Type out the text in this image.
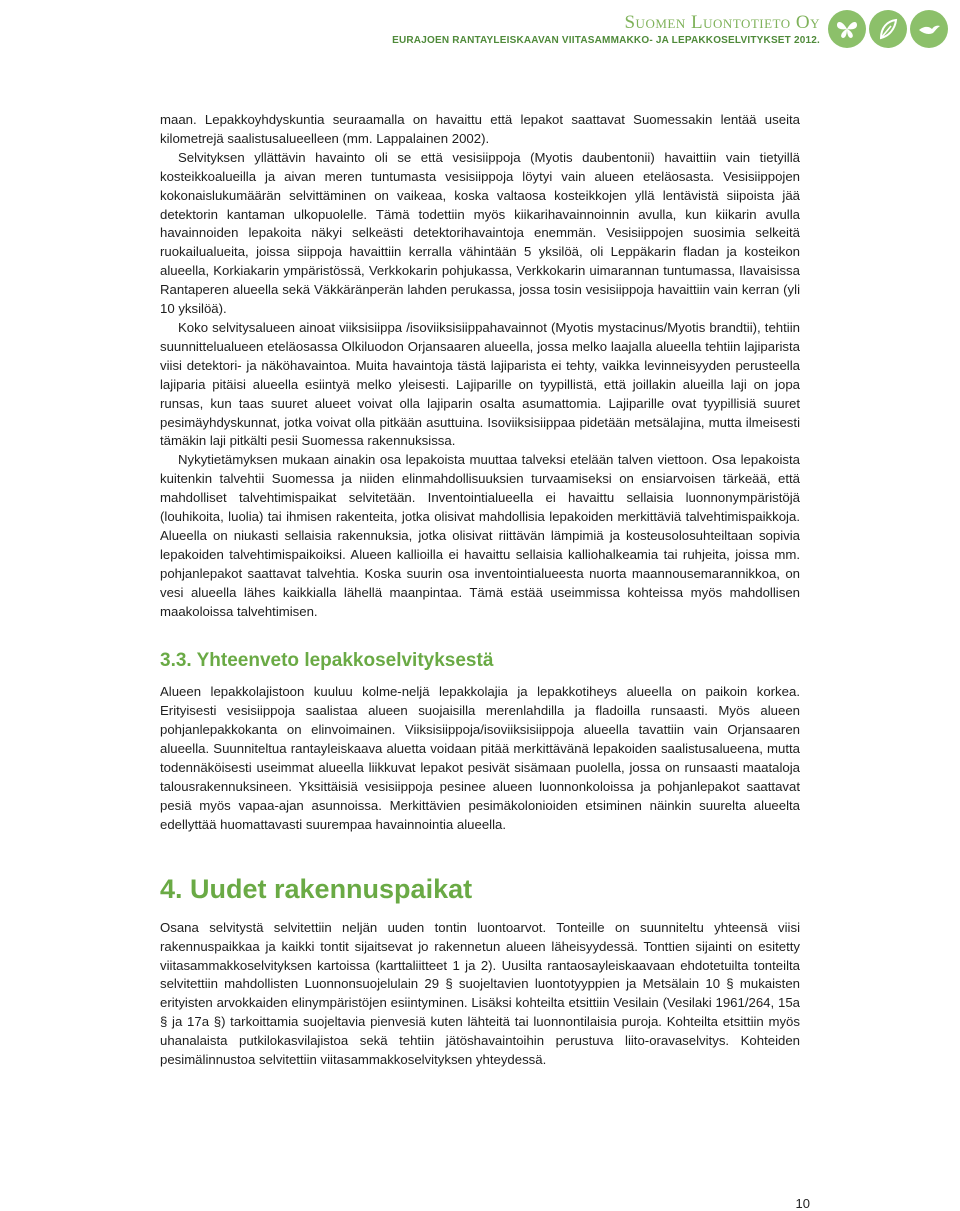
Suomen Luontotieto Oy
EURAJOEN RANTAYLEISKAAVAN VIITASAMMAKKO- JA LEPAKKOSELVITYKSET 2012.

maan. Lepakkoyhdyskuntia seuraamalla on havaittu että lepakot saattavat Suomessakin lentää useita kilometrejä saalistusalueelleen (mm. Lappalainen 2002).

Selvityksen yllättävin havainto oli se että vesisiippoja (Myotis daubentonii) havaittiin vain tietyillä kosteikkoalueilla ja aivan meren tuntumasta vesisiippoja löytyi vain alueen eteläosasta. Vesisiippojen kokonaislukumäärän selvittäminen on vaikeaa, koska valtaosa kosteikkojen yllä lentävistä siipoista jää detektorin kantaman ulkopuolelle. Tämä todettiin myös kiikarihavainnoinnin avulla, kun kiikarin avulla havainnoiden lepakoita näkyi selkeästi detektorihavaintoja enemmän. Vesisiippojen suosimia selkeitä ruokailualueita, joissa siippoja havaittiin kerralla vähintään 5 yksilöä, oli Leppäkarin fladan ja kosteikon alueella, Korkiakarin ympäristössä, Verkkokarin pohjukassa, Verkkokarin uimarannan tuntumassa, Ilavaisissa Rantaperen alueella sekä Väkkäränperän lahden perukassa, jossa tosin vesisiippoja havaittiin vain kerran (yli 10 yksilöä).

Koko selvitysalueen ainoat viiksisiippa /isoviiksisiippahavainnot (Myotis mystacinus/Myotis brandtii), tehtiin suunnittelualueen eteläosassa Olkiluodon Orjansaaren alueella, jossa melko laajalla alueella tehtiin lajiparista viisi detektori- ja näköhavaintoa. Muita havaintoja tästä lajiparista ei tehty, vaikka levinneisyyden perusteella lajiparia pitäisi alueella esiintyä melko yleisesti. Lajiparille on tyypillistä, että joillakin alueilla laji on jopa runsas, kun taas suuret alueet voivat olla lajiparin osalta asumattomia. Lajiparille ovat tyypillisiä suuret pesimäyhdyskunnat, jotka voivat olla pitkään asuttuina. Isoviiksisiippaa pidetään metsälajina, mutta ilmeisesti tämäkin laji pitkälti pesii Suomessa rakennuksissa.

Nykytietämyksen mukaan ainakin osa lepakoista muuttaa talveksi etelään talven viettoon. Osa lepakoista kuitenkin talvehtii Suomessa ja niiden elinmahdollisuuksien turvaamiseksi on ensiarvoisen tärkeää, että mahdolliset talvehtimispaikat selvitetään. Inventointialueella ei havaittu sellaisia luonnonympäristöjä (louhikoita, luolia) tai ihmisen rakenteita, jotka olisivat mahdollisia lepakoiden merkittäviä talvehtimispaikkoja. Alueella on niukasti sellaisia rakennuksia, jotka olisivat riittävän lämpimiä ja kosteusolosuhteiltaan sopivia lepakoiden talvehtimispaikoiksi. Alueen kallioilla ei havaittu sellaisia kalliohalkeamia tai ruhjeita, joissa mm. pohjanlepakot saattavat talvehtia. Koska suurin osa inventointialueesta nuorta maannousemarannikkoa, on vesi alueella lähes kaikkialla lähellä maanpintaa. Tämä estää useimmissa kohteissa myös mahdollisen maakoloissa talvehtimisen.

3.3. Yhteenveto lepakkoselvityksestä

Alueen lepakkolajistoon kuuluu kolme-neljä lepakkolajia ja lepakkotiheys alueella on paikoin korkea. Erityisesti vesisiippoja saalistaa alueen suojaisilla merenlahdilla ja fladoilla runsaasti. Myös alueen pohjanlepakkokanta on elinvoimainen. Viiksisiippoja/isoviiksisiippoja alueella tavattiin vain Orjansaaren alueella. Suunniteltua rantayleiskaava aluetta voidaan pitää merkittävänä lepakoiden saalistusalueena, mutta todennäköisesti useimmat alueella liikkuvat lepakot pesivät sisämaan puolella, jossa on runsaasti maataloja talousrakennuksineen. Yksittäisiä vesisiippoja pesinee alueen luonnonkoloissa ja pohjanlepakot saattavat pesiä myös vapaa-ajan asunnoissa. Merkittävien pesimäkolonioiden etsiminen näinkin suurelta alueelta edellyttää huomattavasti suurempaa havainnointia alueella.

4. Uudet rakennuspaikat

Osana selvitystä selvitettiin neljän uuden tontin luontoarvot. Tonteille on suunniteltu yhteensä viisi rakennuspaikkaa ja kaikki tontit sijaitsevat jo rakennetun alueen läheisyydessä. Tonttien sijainti on esitetty viitasammakkoselvityksen kartoissa (karttaliitteet 1 ja 2). Uusilta rantaosayleiskaavaan ehdotetuilta tonteilta selvitettiin mahdollisten Luonnonsuojelulain 29 § suojeltavien luontotyyppien ja Metsälain 10 § mukaisten erityisten arvokkaiden elinympäristöjen esiintyminen. Lisäksi kohteilta etsittiin Vesilain (Vesilaki 1961/264, 15a § ja 17a §) tarkoittamia suojeltavia pienvesiä kuten lähteitä tai luonnontilaisia puroja. Kohteilta etsittiin myös uhanalaista putkilokasvilajistoa sekä tehtiin jätöshavaintoihin perustuva liito-oravaselvitys. Kohteiden pesimälinnustoa selvitettiin viitasammakkoselvityksen yhteydessä.

10
